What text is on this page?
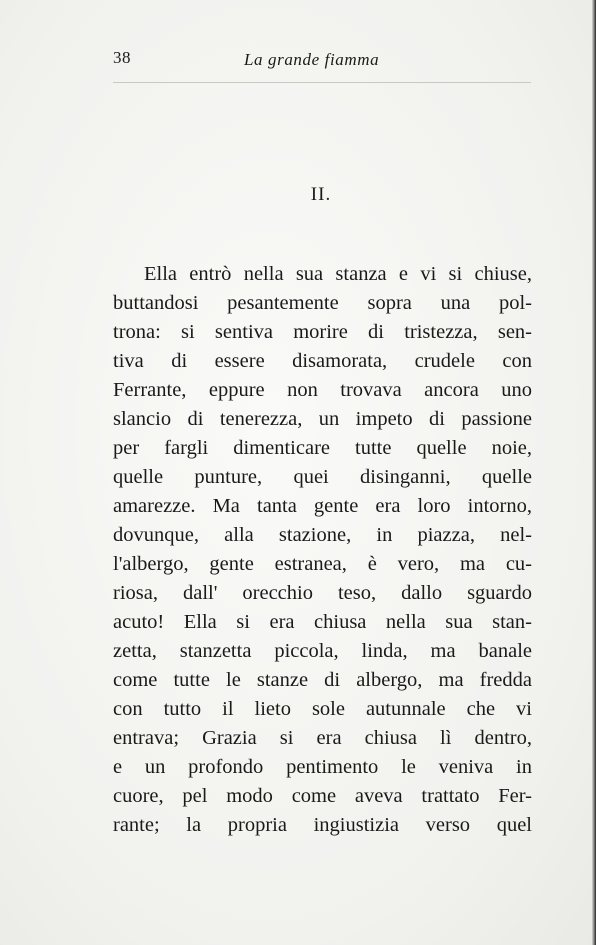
38	La grande fiamma
II.
Ella entrò nella sua stanza e vi si chiuse,
buttandosi pesantemente sopra una pol-
trona: si sentiva morire di tristezza, sen-
tiva di essere disamorata, crudele con
Ferrante, eppure non trovava ancora uno
slancio di tenerezza, un impeto di passione
per fargli dimenticare tutte quelle noie,
quelle punture, quei disinganni, quelle
amarezze. Ma tanta gente era loro intorno,
dovunque, alla stazione, in piazza, nel-
l'albergo, gente estranea, è vero, ma cu-
riosa, dall' orecchio teso, dallo sguardo
acuto! Ella si era chiusa nella sua stan-
zetta, stanzetta piccola, linda, ma banale
come tutte le stanze di albergo, ma fredda
con tutto il lieto sole autunnale che vi
entrava; Grazia si era chiusa lì dentro,
e un profondo pentimento le veniva in
cuore, pel modo come aveva trattato Fer-
rante; la propria ingiustizia verso quel
